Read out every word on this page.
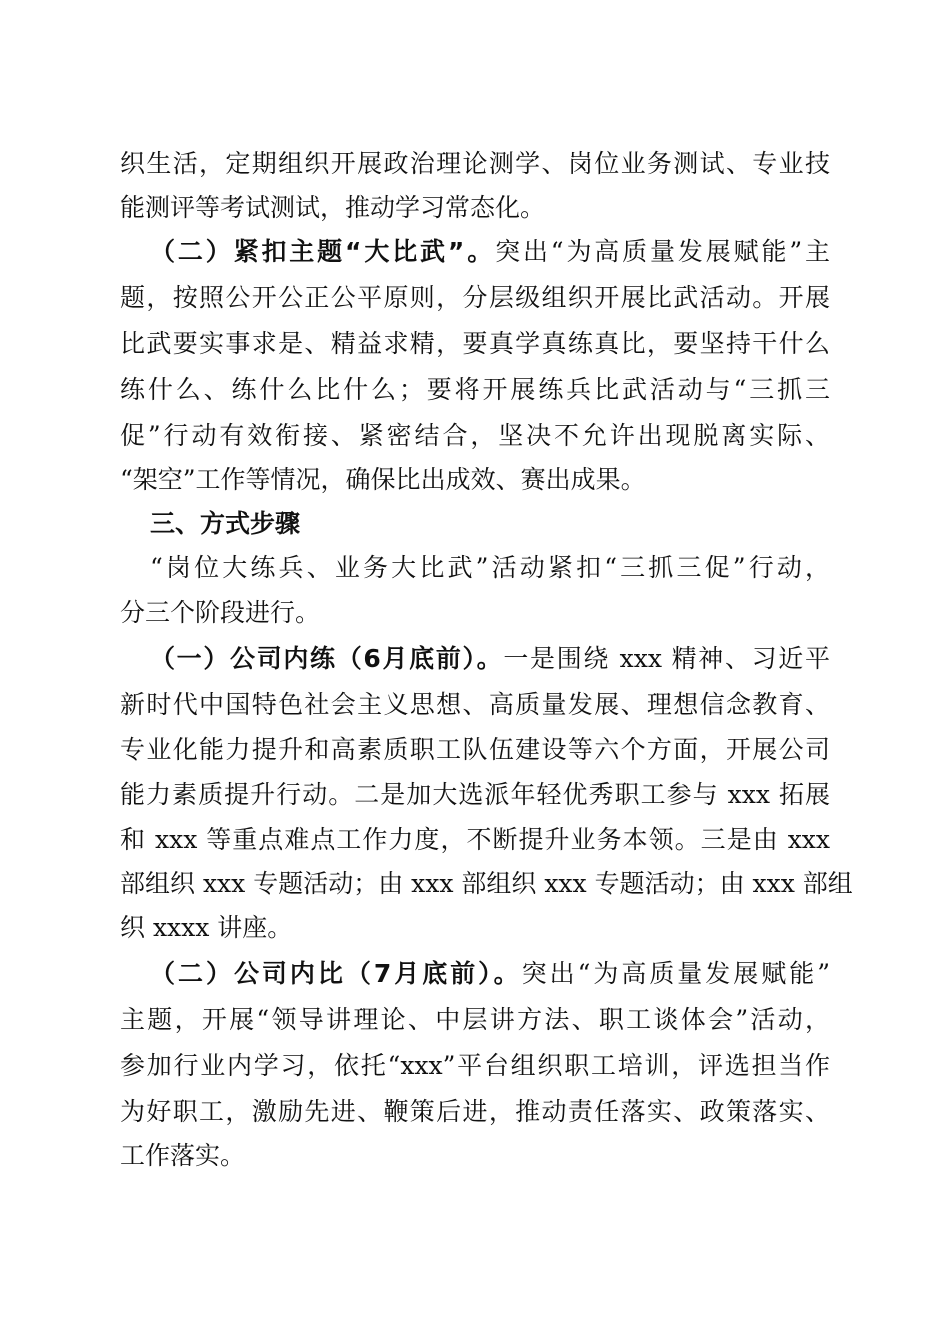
织生活，定期组织开展政治理论测学、岗位业务测试、专业技
能测评等考试测试，推动学习常态化。
（二）紧扣主题“大比武”。突出“为高质量发展赋能”主
题，按照公开公正公平原则，分层级组织开展比武活动。开展
比武要实事求是、精益求精，要真学真练真比，要坚持干什么
练什么、练什么比什么；要将开展练兵比武活动与“三抓三
促”行动有效衔接、紧密结合，坚决不允许出现脱离实际、
“架空”工作等情况，确保比出成效、赛出成果。
三、方式步骤
“岗位大练兵、业务大比武”活动紧扣“三抓三促”行动，
分三个阶段进行。
（一）公司内练（6月底前）。一是围绕 xxx 精神、习近平
新时代中国特色社会主义思想、高质量发展、理想信念教育、
专业化能力提升和高素质职工队伍建设等六个方面，开展公司
能力素质提升行动。二是加大选派年轻优秀职工参与 xxx 拓展
和 xxx 等重点难点工作力度，不断提升业务本领。三是由 xxx
部组织 xxx 专题活动；由 xxx 部组织 xxx 专题活动；由 xxx 部组
织 xxxx 讲座。
（二）公司内比（7月底前）。突出“为高质量发展赋能”
主题，开展“领导讲理论、中层讲方法、职工谈体会”活动，
参加行业内学习，依托“xxx”平台组织职工培训，评选担当作
为好职工，激励先进、鞭策后进，推动责任落实、政策落实、
工作落实。
